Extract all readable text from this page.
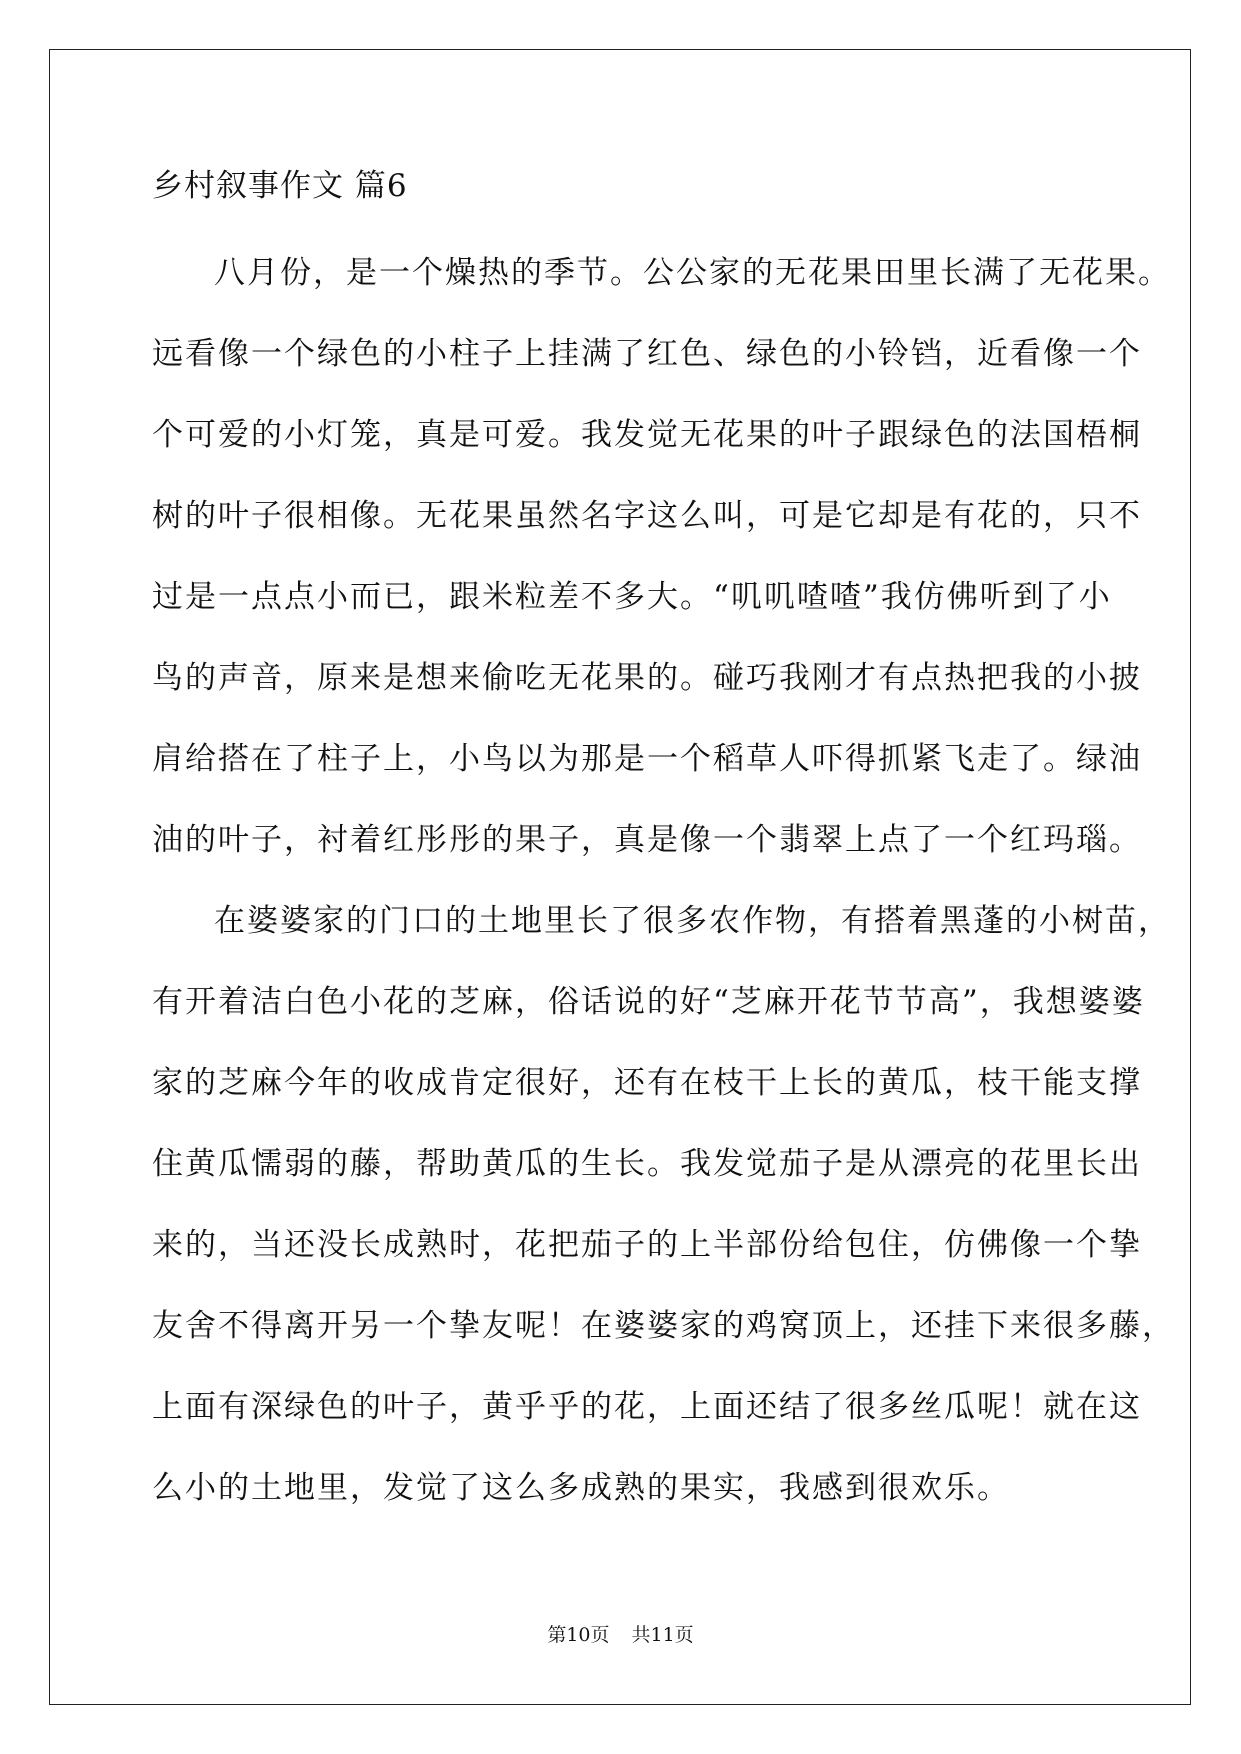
乡村叙事作文 篇6
八月份，是一个燥热的季节。公公家的无花果田里长满了无花果。
远看像一个绿色的小柱子上挂满了红色、绿色的小铃铛，近看像一个
个可爱的小灯笼，真是可爱。我发觉无花果的叶子跟绿色的法国梧桐
树的叶子很相像。无花果虽然名字这么叫，可是它却是有花的，只不
过是一点点小而已，跟米粒差不多大。“叽叽喳喳”我仿佛听到了小
鸟的声音，原来是想来偷吃无花果的。碰巧我刚才有点热把我的小披
肩给搭在了柱子上，小鸟以为那是一个稻草人吓得抓紧飞走了。绿油
油的叶子，衬着红彤彤的果子，真是像一个翡翠上点了一个红玛瑙。
在婆婆家的门口的土地里长了很多农作物，有搭着黑蓬的小树苗，
有开着洁白色小花的芝麻，俗话说的好“芝麻开花节节高”，我想婆婆
家的芝麻今年的收成肯定很好，还有在枝干上长的黄瓜，枝干能支撑
住黄瓜懦弱的藤，帮助黄瓜的生长。我发觉茄子是从漂亮的花里长出
来的，当还没长成熟时，花把茄子的上半部份给包住，仿佛像一个挚
友舍不得离开另一个挚友呢！在婆婆家的鸡窝顶上，还挂下来很多藤，
上面有深绿色的叶子，黄乎乎的花，上面还结了很多丝瓜呢！就在这
么小的土地里，发觉了这么多成熟的果实，我感到很欢乐。
第10页 共11页
